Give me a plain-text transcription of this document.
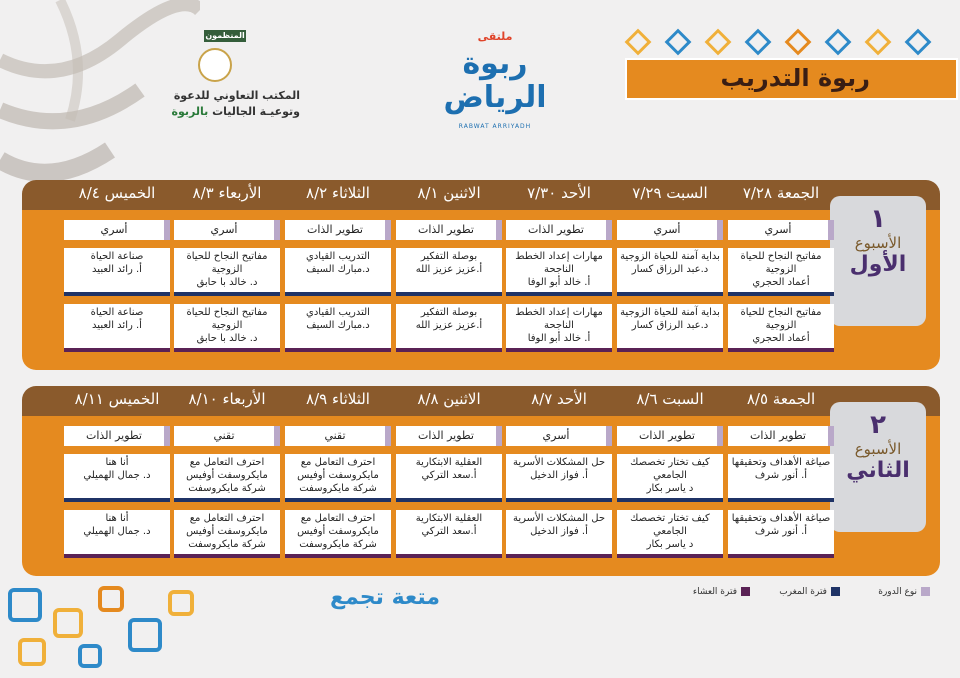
ربوة التدريب
ملتقى
ربوة الرياض
RABWAT ARRIYADH
المنظمون
المكتب التعاوني للدعوة
وتوعيـة الجاليات بالربوة
١
الأسبوع
الأول
الجمعة ٧/٢٨
أسري
مفاتيح النجاح للحياة الزوجية
أعماد الحجري
مفاتيح النجاح للحياة الزوجية
أعماد الحجري
السبت ٧/٢٩
أسري
بداية آمنة للحياة الزوجية
د.عبد الرزاق كسار
بداية آمنة للحياة الزوجية
د.عبد الرزاق كسار
الأحد ٧/٣٠
تطوير الذات
مهارات إعداد الخطط الناجحة
أ. خالد أبو الوفا
مهارات إعداد الخطط الناجحة
أ. خالد أبو الوفا
الاثنين ٨/١
تطوير الذات
بوصلة التفكير
أ.عزيز عزيز الله
بوصلة التفكير
أ.عزيز عزيز الله
الثلاثاء ٨/٢
تطوير الذات
التدريب القيادي
د.مبارك السيف
التدريب القيادي
د.مبارك السيف
الأربعاء ٨/٣
أسري
مفاتيح النجاح للحياة الزوجية
د. خالد با حابق
مفاتيح النجاح للحياة الزوجية
د. خالد با حابق
الخميس ٨/٤
أسري
صناعة الحياة
أ. رائد العبيد
صناعة الحياة
أ. رائد العبيد
٢
الأسبوع
الثاني
الجمعة ٨/٥
تطوير الذات
صياغة الأهداف وتحقيقها
أ. أنور شرف
صياغة الأهداف وتحقيقها
أ. أنور شرف
السبت ٨/٦
تطوير الذات
كيف تختار تخصصك الجامعي
د ياسر بكار
كيف تختار تخصصك الجامعي
د ياسر بكار
الأحد ٨/٧
أسري
حل المشكلات الأسرية
أ. فواز الدخيل
حل المشكلات الأسرية
أ. فواز الدخيل
الاثنين ٨/٨
تطوير الذات
العقلية الابتكارية
أ.سعد التركي
العقلية الابتكارية
أ.سعد التركي
الثلاثاء ٨/٩
تقني
احترف التعامل مع مايكروسفت أوفيس شركة مايكروسفت
احترف التعامل مع مايكروسفت أوفيس شركة مايكروسفت
الأربعاء ٨/١٠
تقني
احترف التعامل مع مايكروسفت أوفيس شركة مايكروسفت
احترف التعامل مع مايكروسفت أوفيس شركة مايكروسفت
الخميس ٨/١١
تطوير الذات
أنا هنا
د. جمال الهميلي
أنا هنا
د. جمال الهميلي
متعة تجمع	نوع الدورة
فترة المغرب
فترة العشاء
